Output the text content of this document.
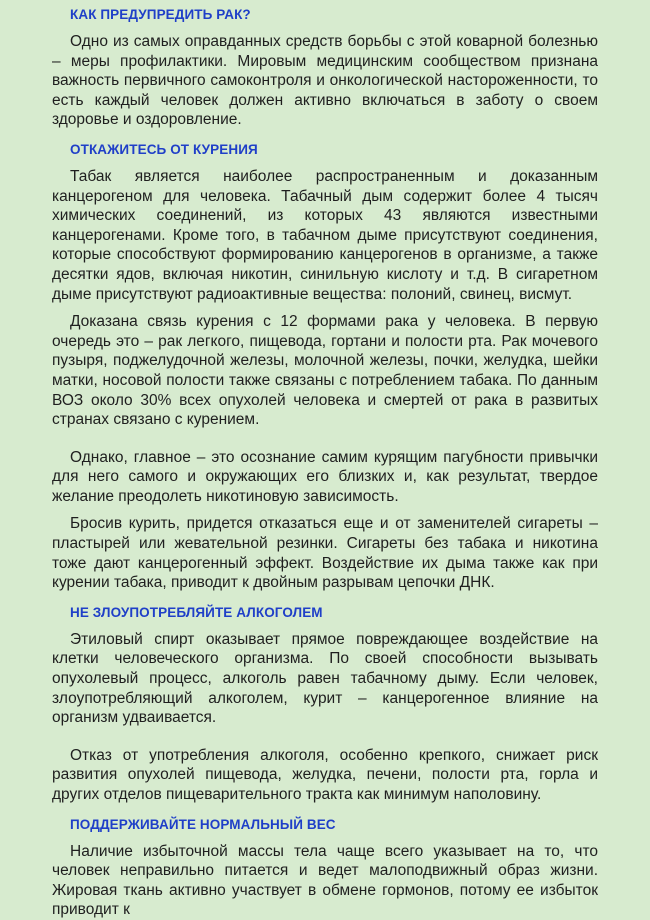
КАК ПРЕДУПРЕДИТЬ РАК?

Одно из самых оправданных средств борьбы с этой коварной болезнью – меры профилактики. Мировым медицинским сообществом признана важность первичного самоконтроля и онкологической настороженности, то есть каждый человек должен активно включаться в заботу о своем здоровье и оздоровление.

ОТКАЖИТЕСЬ ОТ КУРЕНИЯ

Табак является наиболее распространенным и доказанным канцерогеном для человека. Табачный дым содержит более 4 тысяч химических соединений, из которых 43 являются известными канцерогенами. Кроме того, в табачном дыме присутствуют соединения, которые способствуют формированию канцерогенов в организме, а также десятки ядов, включая никотин, синильную кислоту и т.д. В сигаретном дыме присутствуют радиоактивные вещества: полоний, свинец, висмут.

Доказана связь курения с 12 формами рака у человека. В первую очередь это – рак легкого, пищевода, гортани и полости рта. Рак мочевого пузыря, поджелудочной железы, молочной железы, почки, желудка, шейки матки, носовой полости также связаны с потреблением табака. По данным ВОЗ около 30% всех опухолей человека и смертей от рака в развитых странах связано с курением.

Однако, главное – это осознание самим курящим пагубности привычки для него самого и окружающих его близких и, как результат, твердое желание преодолеть никотиновую зависимость.

Бросив курить, придется отказаться еще и от заменителей сигареты – пластырей или жевательной резинки. Сигареты без табака и никотина тоже дают канцерогенный эффект. Воздействие их дыма также как при курении табака, приводит к двойным разрывам цепочки ДНК.

НЕ ЗЛОУПОТРЕБЛЯЙТЕ АЛКОГОЛЕМ

Этиловый спирт оказывает прямое повреждающее воздействие на клетки человеческого организма. По своей способности вызывать опухолевый процесс, алкоголь равен табачному дыму. Если человек, злоупотребляющий алкоголем, курит – канцерогенное влияние на организм удваивается.

Отказ от употребления алкоголя, особенно крепкого, снижает риск развития опухолей пищевода, желудка, печени, полости рта, горла и других отделов пищеварительного тракта как минимум наполовину.

ПОДДЕРЖИВАЙТЕ НОРМАЛЬНЫЙ ВЕС

Наличие избыточной массы тела чаще всего указывает на то, что человек неправильно питается и ведет малоподвижный образ жизни. Жировая ткань активно участвует в обмене гормонов, потому ее избыток приводит к
